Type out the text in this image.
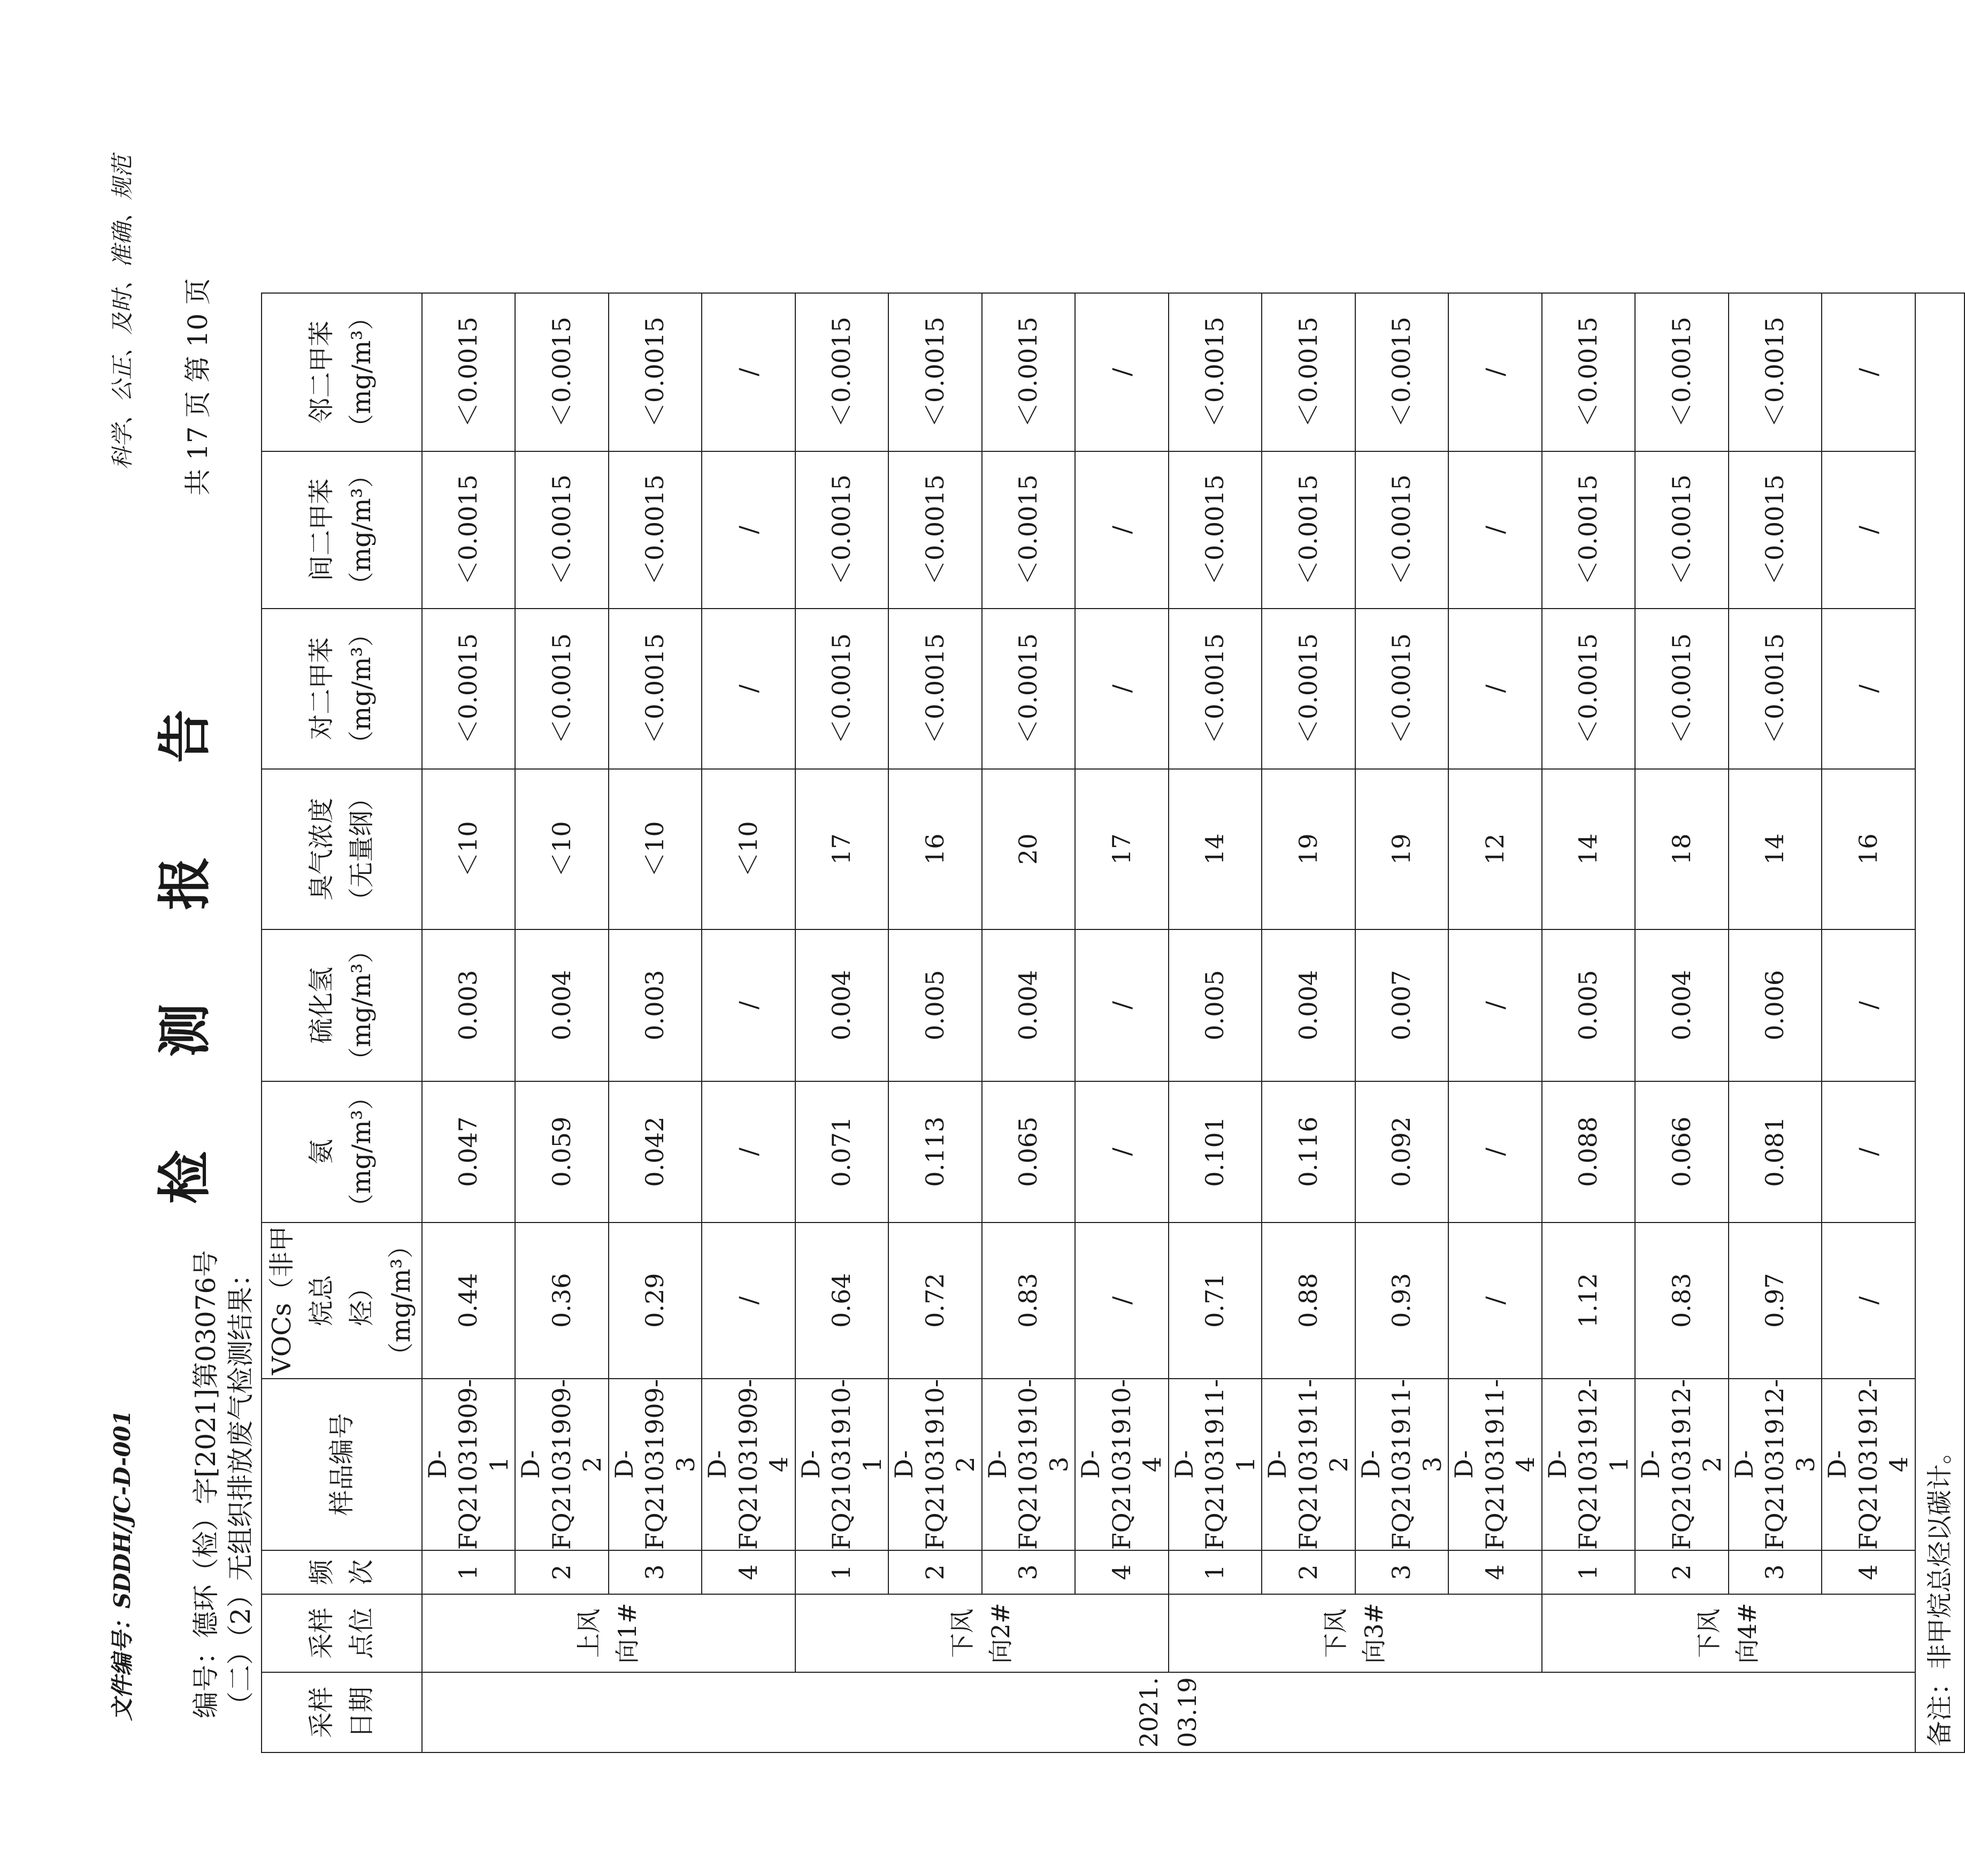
文件编号：SDDH/JC-D-001
科学、公正、及时、准确、规范
检 测 报 告
共 17 页 第 10 页
编号：德环（检）字[2021]第03076号 （二）（2）无组织排放废气检测结果： 采样 日期	采样 点位	频 次	样品编号	VOCs（非甲烷总 烃）（mg/m³）	氨 （mg/m³）	硫化氢 （mg/m³）	臭气浓度 （无量纲）	对二甲苯 （mg/m³）	间二甲苯 （mg/m³）	邻二甲苯 （mg/m³）
2021. 03.19	上风 向1#	1	D-FQ21031909-1	0.44	0.047	0.003	＜10	＜0.0015	＜0.0015	＜0.0015
		2	D-FQ21031909-2	0.36	0.059	0.004	＜10	＜0.0015	＜0.0015	＜0.0015
		3	D-FQ21031909-3	0.29	0.042	0.003	＜10	＜0.0015	＜0.0015	＜0.0015
		4	D-FQ21031909-4	/	/	/	＜10	/	/	/
	下风 向2#	1	D-FQ21031910-1	0.64	0.071	0.004	17	＜0.0015	＜0.0015	＜0.0015
		2	D-FQ21031910-2	0.72	0.113	0.005	16	＜0.0015	＜0.0015	＜0.0015
		3	D-FQ21031910-3	0.83	0.065	0.004	20	＜0.0015	＜0.0015	＜0.0015
		4	D-FQ21031910-4	/	/	/	17	/	/	/
	下风 向3#	1	D-FQ21031911-1	0.71	0.101	0.005	14	＜0.0015	＜0.0015	＜0.0015
		2	D-FQ21031911-2	0.88	0.116	0.004	19	＜0.0015	＜0.0015	＜0.0015
		3	D-FQ21031911-3	0.93	0.092	0.007	19	＜0.0015	＜0.0015	＜0.0015
		4	D-FQ21031911-4	/	/	/	12	/	/	/
	下风 向4#	1	D-FQ21031912-1	1.12	0.088	0.005	14	＜0.0015	＜0.0015	＜0.0015
		2	D-FQ21031912-2	0.83	0.066	0.004	18	＜0.0015	＜0.0015	＜0.0015
		3	D-FQ21031912-3	0.97	0.081	0.006	14	＜0.0015	＜0.0015	＜0.0015
		4	D-FQ21031912-4	/	/	/	16	/	/	/
备注：非甲烷总烃以碳计。										
